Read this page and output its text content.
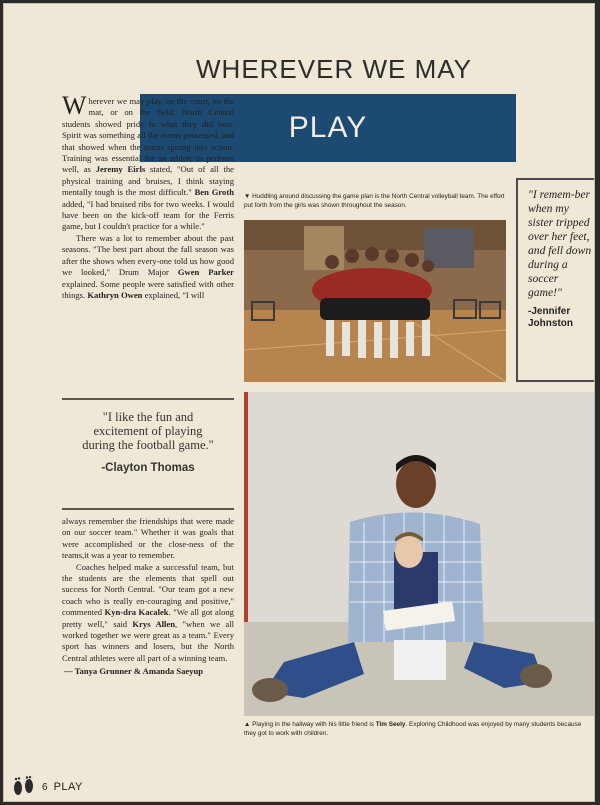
WHEREVER WE MAY
PLAY
Wherever we may play, on the court, on the mat, or on the field, North Central students showed pride in what they did best. Spirit was something all the teams possessed, and that showed when the teams sprung into action. Training was essential for an athlete to perform well, as Jeremy Eirls stated, "Out of all the physical training and bruises, I think staying mentally tough is the most difficult." Ben Groth added, "I had bruised ribs for two weeks. I would have been on the kick-off team for the Ferris game, but I couldn't practice for a while."
There was a lot to remember about the past seasons. "The best part about the fall season was after the shows when every-one told us how good we looked," Drum Major Gwen Parker explained. Some people were satisfied with other things. Kathryn Owen explained, "I will
"I like the fun and excitement of playing during the football game."
-Clayton Thomas
always remember the friendships that were made on our soccer team." Whether it was goals that were accomplished or the close-ness of the teams,it was a year to remember.
Coaches helped make a successful team, but the students are the elements that spell out success for North Central. "Our team got a new coach who is really en-couraging and positive," commented Kyn-dra Kacalek. "We all got along pretty well," said Krys Allen, "when we all worked together we were great as a team." Every sport has winners and losers, but the North Central athletes were all part of a winning team.
— Tanya Grunner & Amanda Saeyup
▼ Huddling around discussing the game plan is the North Central volleyball team. The effort put forth from the girls was shown throughout the season.
"I remem-ber when my sister tripped over her feet, and fell down during a soccer game!"
-Jennifer Johnston
▲ Playing in the hallway with his little friend is Tim Seely. Exploring Childhood was enjoyed by many students because they got to work with children.
6 PLAY
